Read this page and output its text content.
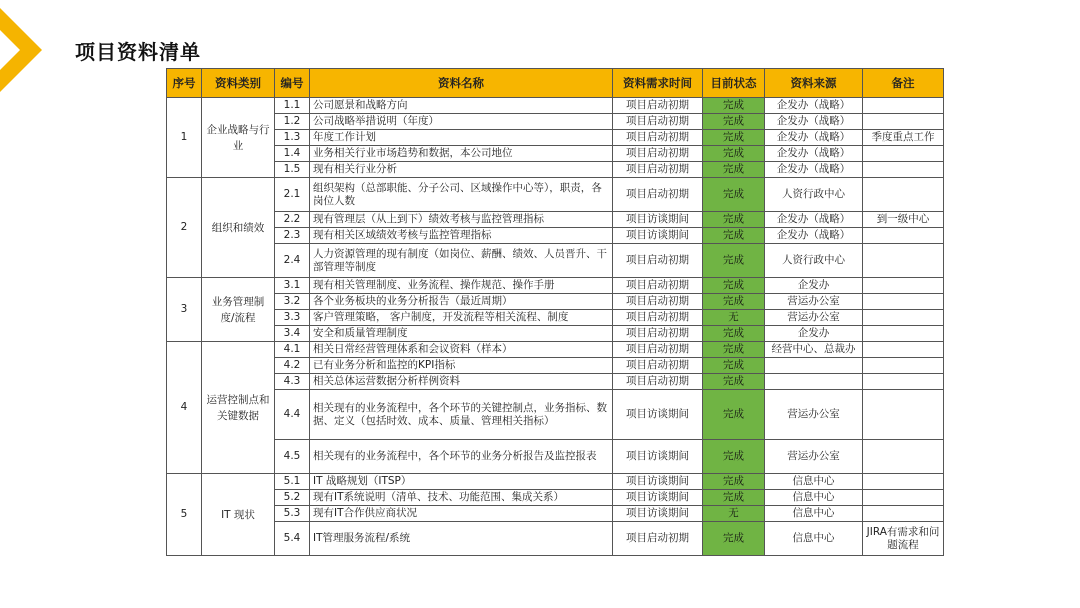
项目资料清单
序号	资料类别	编号	资料名称	资料需求时间	目前状态	资料来源	备注
1	企业战略与行业	1.1	公司愿景和战略方向	项目启动初期	完成	企发办（战略）	
		1.2	公司战略举措说明（年度）	项目启动初期	完成	企发办（战略）	
		1.3	年度工作计划	项目启动初期	完成	企发办（战略）	季度重点工作
		1.4	业务相关行业市场趋势和数据，本公司地位	项目启动初期	完成	企发办（战略）	
		1.5	现有相关行业分析	项目启动初期	完成	企发办（战略）	
2	组织和绩效	2.1	组织架构（总部职能、分子公司、区域操作中心等），职责，各岗位人数	项目启动初期	完成	人资行政中心	
		2.2	现有管理层（从上到下）绩效考核与监控管理指标	项目访谈期间	完成	企发办（战略）	到一级中心
		2.3	现有相关区域绩效考核与监控管理指标	项目访谈期间	完成	企发办（战略）	
		2.4	人力资源管理的现有制度（如岗位、薪酬、绩效、人员晋升、干部管理等制度	项目启动初期	完成	人资行政中心	
3	业务管理制度/流程	3.1	现有相关管理制度、业务流程、操作规范、操作手册	项目启动初期	完成	企发办	
		3.2	各个业务板块的业务分析报告（最近周期）	项目启动初期	完成	营运办公室	
		3.3	客户管理策略， 客户制度，开发流程等相关流程、制度	项目启动初期	无	营运办公室	
		3.4	安全和质量管理制度	项目启动初期	完成	企发办	
4	运营控制点和关键数据	4.1	相关日常经营管理体系和会议资料（样本）	项目启动初期	完成	经营中心、总裁办	
		4.2	已有业务分析和监控的KPI指标	项目启动初期	完成		
		4.3	相关总体运营数据分析样例资料	项目启动初期	完成		
		4.4	相关现有的业务流程中，各个环节的关键控制点，业务指标、数据、定义（包括时效、成本、质量、管理相关指标）	项目访谈期间	完成	营运办公室	
		4.5	相关现有的业务流程中，各个环节的业务分析报告及监控报表	项目访谈期间	完成	营运办公室	
5	IT 现状	5.1	IT 战略规划（ITSP）	项目访谈期间	完成	信息中心	
		5.2	现有IT系统说明（清单、技术、功能范围、集成关系）	项目访谈期间	完成	信息中心	
		5.3	现有IT合作供应商状况	项目访谈期间	无	信息中心	
		5.4	IT管理服务流程/系统	项目启动初期	完成	信息中心	JIRA有需求和问题流程
